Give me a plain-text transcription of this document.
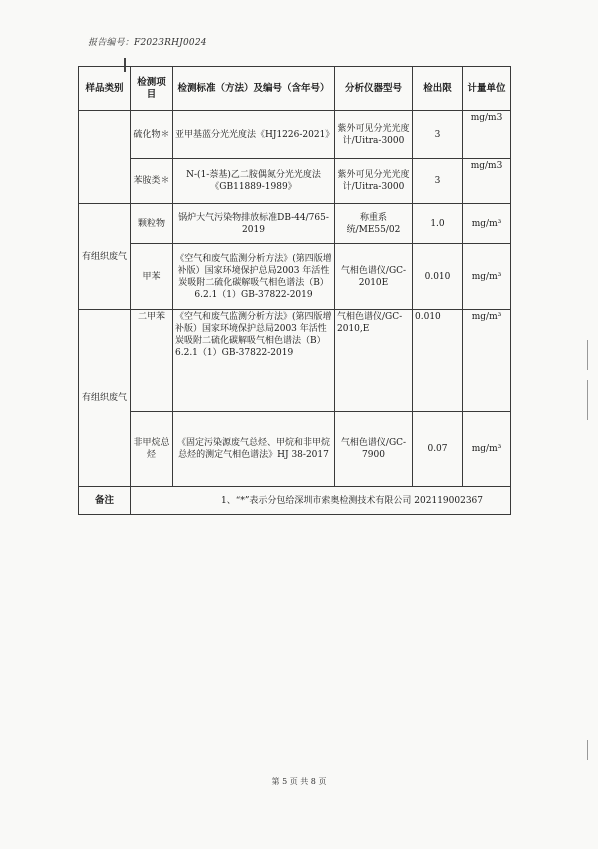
报告编号：F2023RHJ0024
样品类别	检测项目	检测标准（方法）及编号（含年号）	分析仪器型号	检出限	计量单位
	硫化物＊	亚甲基蓝分光光度法《HJ1226-2021》	紫外可见分光光度计/Uitra-3000	3	mg/m3
	苯胺类＊	N-(1-萘基)乙二胺偶氮分光光度法《GB11889-1989》	紫外可见分光光度计/Uitra-3000	3	mg/m3
有组织废气	颗粒物	锅炉大气污染物排放标准DB-44/765-2019	称重系统/ME55/02	1.0	mg/m³
	甲苯	《空气和废气监测分析方法》(第四版增补版）国家环境保护总局2003 年活性炭吸附二硫化碳解吸气相色谱法（B）6.2.1（1）GB-37822-2019	气相色谱仪/GC-2010E	0.010	mg/m³
有组织废气	二甲苯	《空气和废气监测分析方法》(第四版增补版）国家环境保护总局2003 年活性炭吸附二硫化碳解吸气相色谱法（B）6.2.1（1）GB-37822-2019	气相色谱仪/GC-2010,E	0.010	mg/m³
	非甲烷总烃	《固定污染源废气总烃、甲烷和非甲烷总烃的测定气相色谱法》HJ 38-2017	气相色谱仪/GC-7900	0.07	mg/m³
备注	1、“*”表示分包给深圳市索奥检测技术有限公司 202119002367				
第 5 页 共 8 页
